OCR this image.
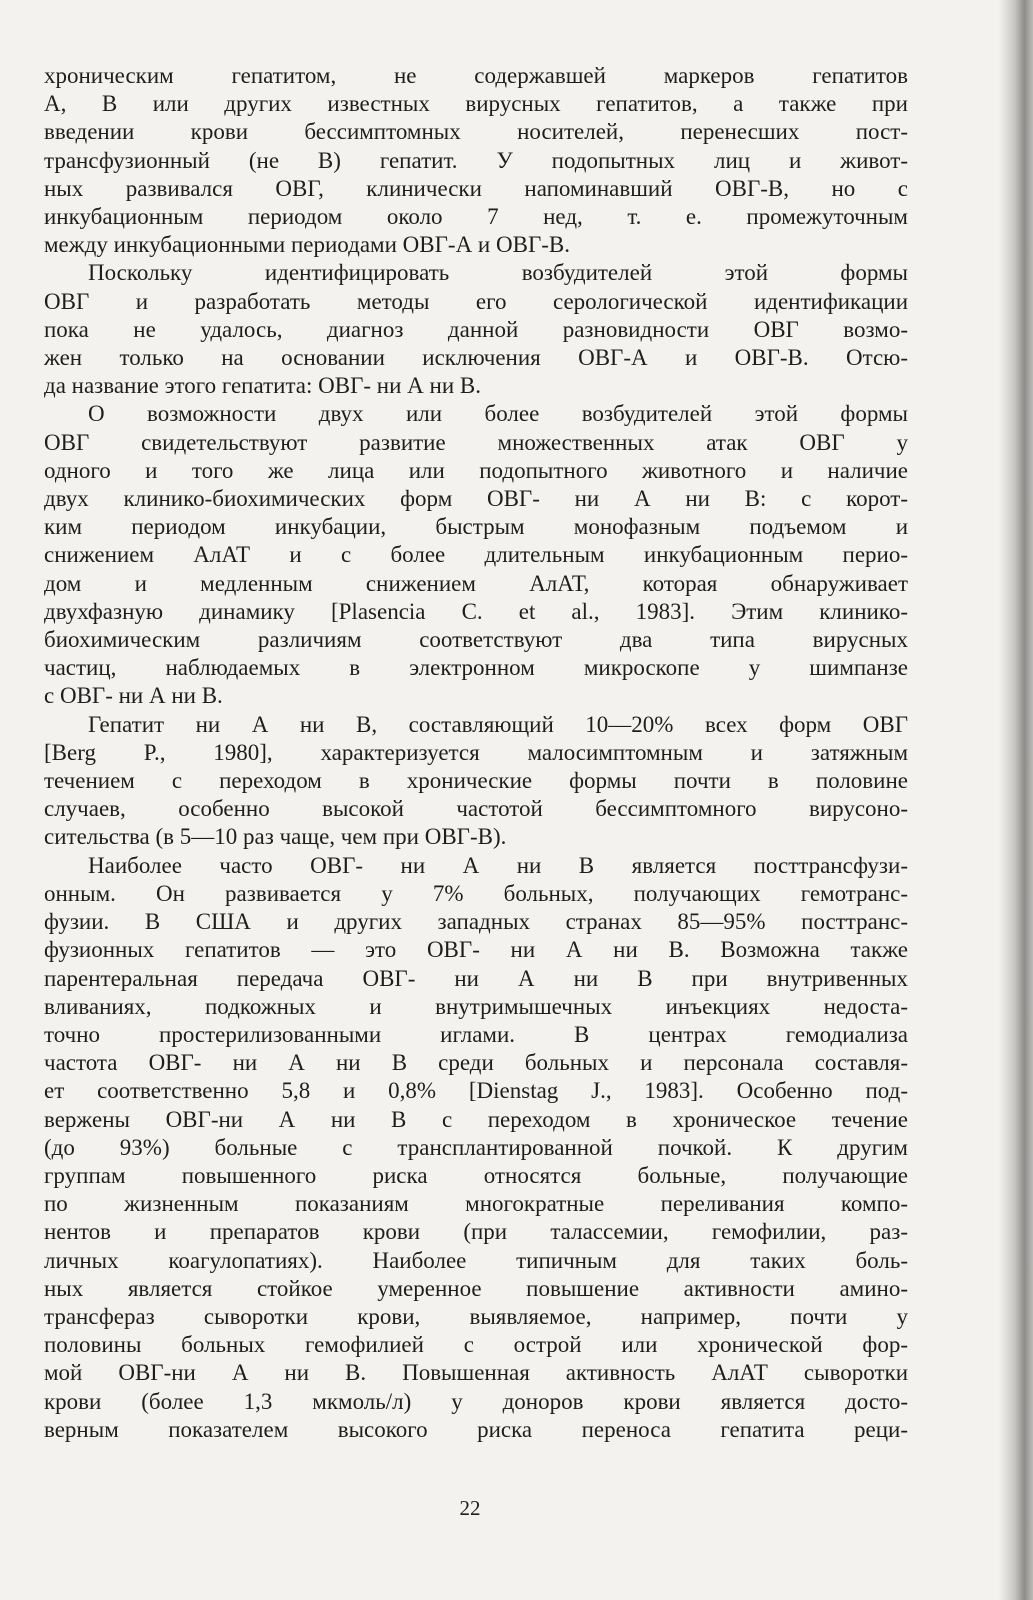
хроническим гепатитом, не содержавшей маркеров гепатитов
А, В или других известных вирусных гепатитов, а также при
введении крови бессимптомных носителей, перенесших пост-
трансфузионный (не В) гепатит. У подопытных лиц и живот-
ных развивался ОВГ, клинически напоминавший ОВГ-В, но с
инкубационным периодом около 7 нед, т. е. промежуточным
между инкубационными периодами ОВГ-А и ОВГ-В.
Поскольку идентифицировать возбудителей этой формы
ОВГ и разработать методы его серологической идентификации
пока не удалось, диагноз данной разновидности ОВГ возмо-
жен только на основании исключения ОВГ-А и ОВГ-В. Отсю-
да название этого гепатита: ОВГ- ни А ни В.
О возможности двух или более возбудителей этой формы
ОВГ свидетельствуют развитие множественных атак ОВГ у
одного и того же лица или подопытного животного и наличие
двух клинико-биохимических форм ОВГ- ни А ни В: с корот-
ким периодом инкубации, быстрым монофазным подъемом и
снижением АлАТ и с более длительным инкубационным перио-
дом и медленным снижением АлАТ, которая обнаруживает
двухфазную динамику [Plasencia С. et al., 1983]. Этим клинико-
биохимическим различиям соответствуют два типа вирусных
частиц, наблюдаемых в электронном микроскопе у шимпанзе
с ОВГ- ни А ни В.
Гепатит ни А ни В, составляющий 10—20% всех форм ОВГ
[Berg P., 1980], характеризуется малосимптомным и затяжным
течением с переходом в хронические формы почти в половине
случаев, особенно высокой частотой бессимптомного вирусоно-
сительства (в 5—10 раз чаще, чем при ОВГ-В).
Наиболее часто ОВГ- ни А ни В является посттрансфузи-
онным. Он развивается у 7% больных, получающих гемотранс-
фузии. В США и других западных странах 85—95% посттранс-
фузионных гепатитов — это ОВГ- ни А ни В. Возможна также
парентеральная передача ОВГ- ни А ни В при внутривенных
вливаниях, подкожных и внутримышечных инъекциях недоста-
точно простерилизованными иглами. В центрах гемодиализа
частота ОВГ- ни А ни В среди больных и персонала составля-
ет соответственно 5,8 и 0,8% [Dienstag J., 1983]. Особенно под-
вержены ОВГ-ни А ни В с переходом в хроническое течение
(до 93%) больные с трансплантированной почкой. К другим
группам повышенного риска относятся больные, получающие
по жизненным показаниям многократные переливания компо-
нентов и препаратов крови (при талассемии, гемофилии, раз-
личных коагулопатиях). Наиболее типичным для таких боль-
ных является стойкое умеренное повышение активности амино-
трансфераз сыворотки крови, выявляемое, например, почти у
половины больных гемофилией с острой или хронической фор-
мой ОВГ-ни А ни В. Повышенная активность АлАТ сыворотки
крови (более 1,3 мкмоль/л) у доноров крови является досто-
верным показателем высокого риска переноса гепатита реци-
22
